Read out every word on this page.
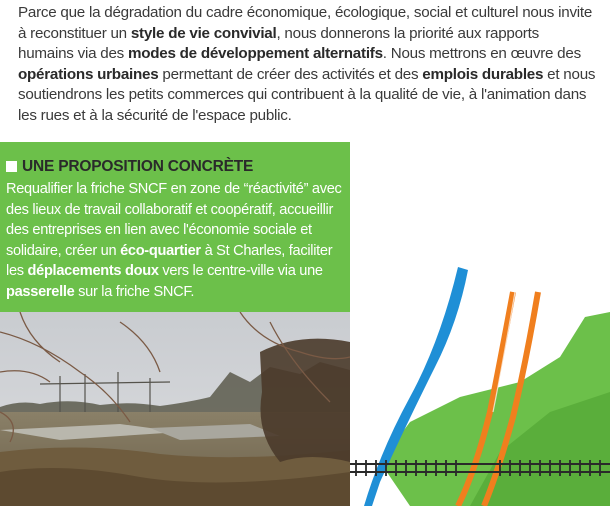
Parce que la dégradation du cadre économique, écologique, social et culturel nous invite à reconstituer un style de vie convivial, nous donnerons la priorité aux rapports humains via des modes de développement alternatifs. Nous mettrons en œuvre des opérations urbaines permettant de créer des activités et des emplois durables et nous soutiendrons les petits commerces qui contribuent à la qualité de vie, à l'animation dans les rues et à la sécurité de l'espace public.

UNE PROPOSITION CONCRÈTE

Requalifier la friche SNCF en zone de “réactivité” avec des lieux de travail collaboratif et coopératif, accueillir des entreprises en lien avec l'économie sociale et solidaire, créer un éco-quartier à St Charles, faciliter les déplacements doux vers le centre-ville via une passerelle sur la friche SNCF.
